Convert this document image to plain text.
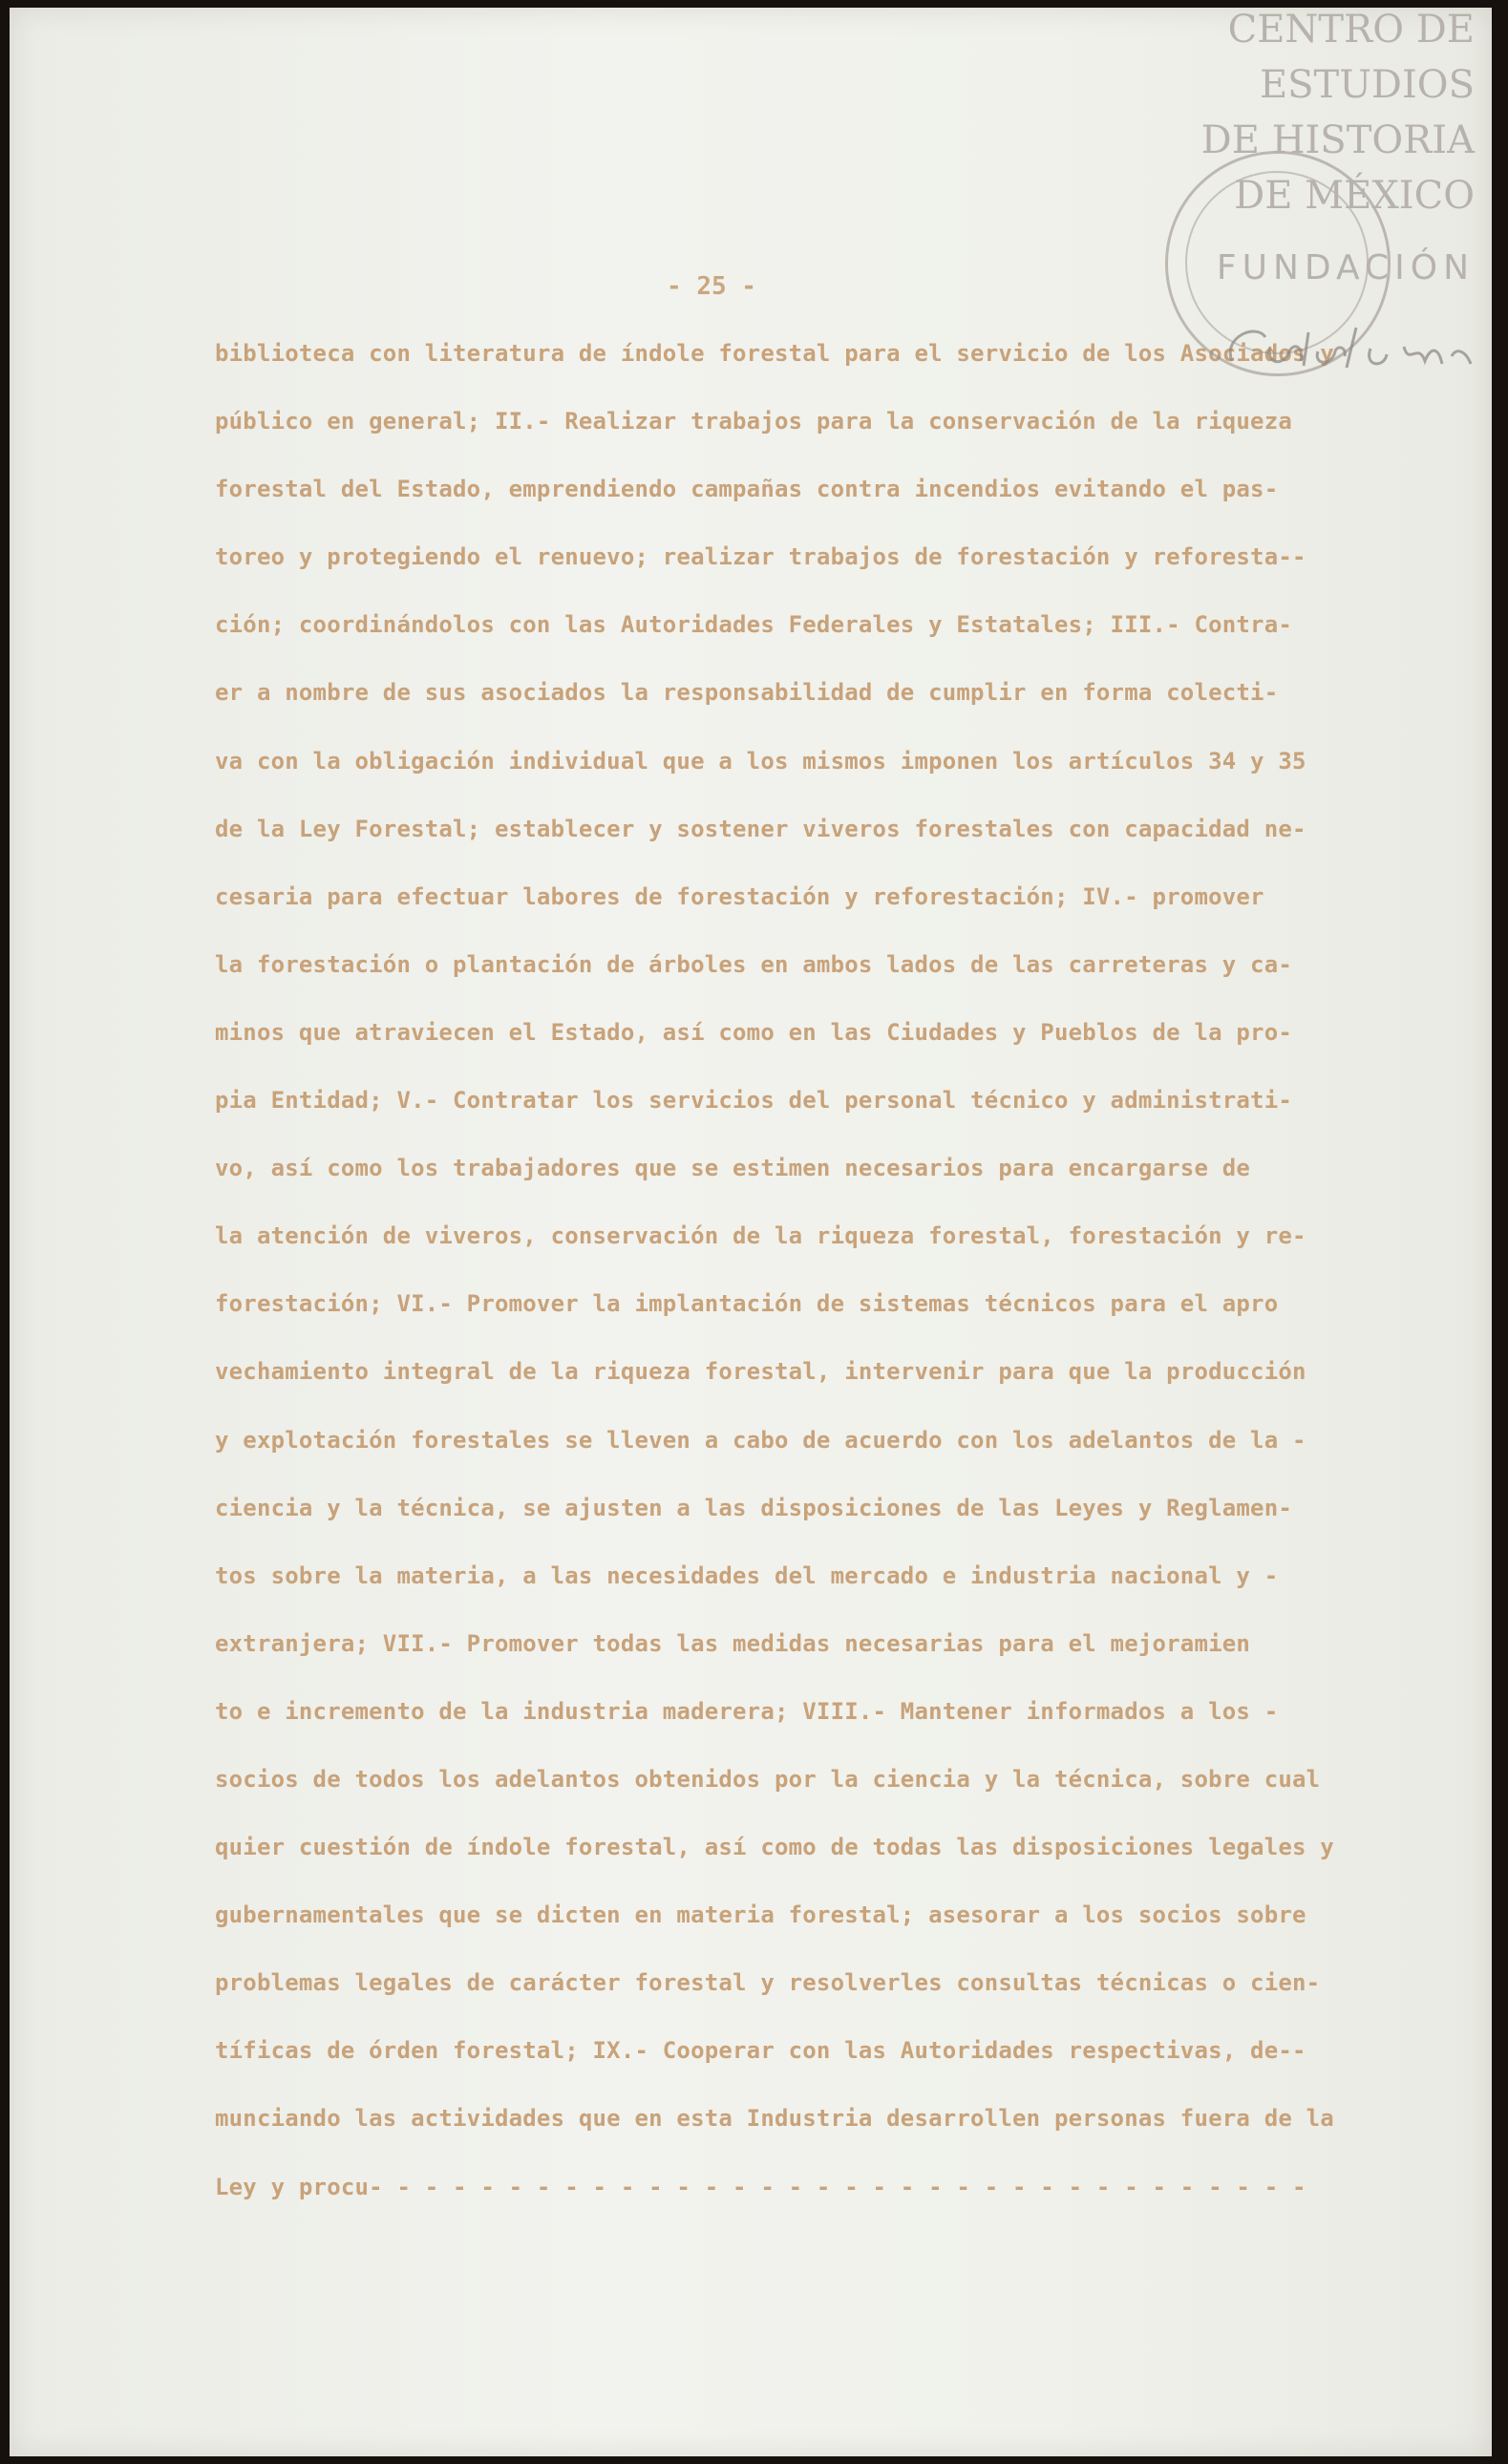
- 25 -
biblioteca con literatura de índole forestal para el servicio de los Asociados y
público en general; II.- Realizar trabajos para la conservación de la riqueza
forestal del Estado, emprendiendo campañas contra incendios evitando el pas-
toreo y protegiendo el renuevo; realizar trabajos de forestación y reforesta--
ción; coordinándolos con las Autoridades Federales y Estatales; III.- Contra-
er a nombre de sus asociados la responsabilidad de cumplir en forma colecti-
va con la obligación individual que a los mismos imponen los artículos 34 y 35
de la Ley Forestal; establecer y sostener viveros forestales con capacidad ne-
cesaria para efectuar labores de forestación y reforestación; IV.- promover
la forestación o plantación de árboles en ambos lados de las carreteras y ca-
minos que atraviecen el Estado, así como en las Ciudades y Pueblos de la pro-
pia Entidad; V.- Contratar los servicios del personal técnico y administrati-
vo, así como los trabajadores que se estimen necesarios para encargarse de
la atención de viveros, conservación de la riqueza forestal, forestación y re-
forestación; VI.- Promover la implantación de sistemas técnicos para el apro
vechamiento integral de la riqueza forestal, intervenir para que la producción
y explotación forestales se lleven a cabo de acuerdo con los adelantos de la -
ciencia y la técnica, se ajusten a las disposiciones de las Leyes y Reglamen-
tos sobre la materia, a las necesidades del mercado e industria nacional y -
extranjera; VII.- Promover todas las medidas necesarias para el mejoramien
to e incremento de la industria maderera; VIII.- Mantener informados a los -
socios de todos los adelantos obtenidos por la ciencia y la técnica, sobre cual
quier cuestión de índole forestal, así como de todas las disposiciones legales y
gubernamentales que se dicten en materia forestal; asesorar a los socios sobre
problemas legales de carácter forestal y resolverles consultas técnicas o cien-
tíficas de órden forestal; IX.- Cooperar con las Autoridades respectivas, de--
munciando las actividades que en esta Industria desarrollen personas fuera de la
Ley y procu- - - - - - - - - - - - - - - - - - - - - - - - - - - - - - - - - -
CENTRO DE
ESTUDIOS
DE HISTORIA
DE MÉXICO
FUNDACIÓN
